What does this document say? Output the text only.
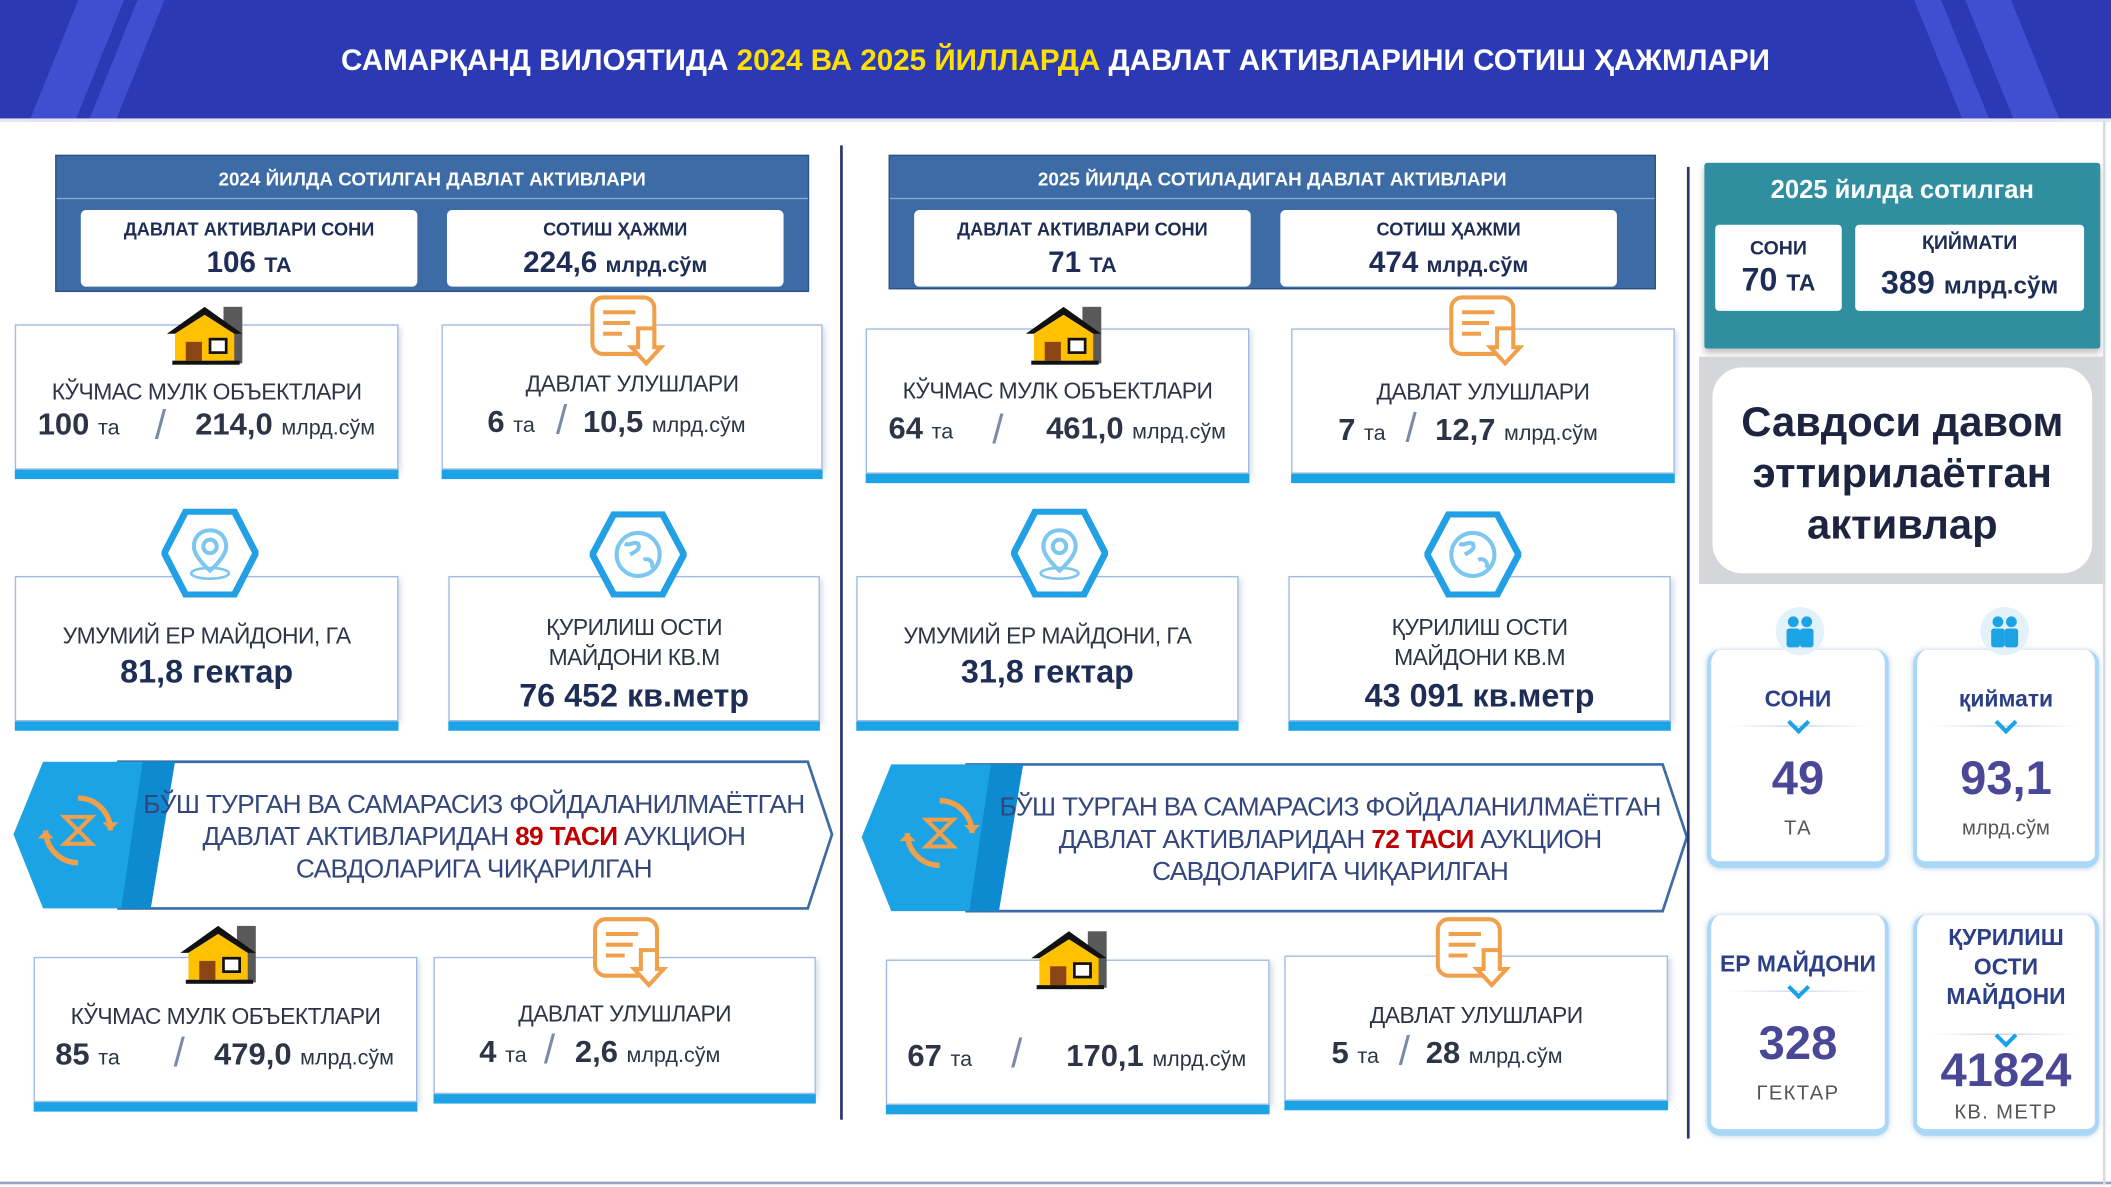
САМАРҚАНД ВИЛОЯТИДА 2024 ВА 2025 ЙИЛЛАРДА ДАВЛАТ АКТИВЛАРИНИ СОТИШ ҲАЖМЛАРИ
2024 ЙИЛДА СОТИЛГАН ДАВЛАТ АКТИВЛАРИ
ДАВЛАТ АКТИВЛАРИ СОНИ
106 ТА
СОТИШ ҲАЖМИ
224,6 млрд.сўм
КЎЧМАС МУЛК ОБЪЕКТЛАРИ
100 та / 214,0 млрд.сўм
ДАВЛАТ УЛУШЛАРИ
6 та / 10,5 млрд.сўм
УМУМИЙ ЕР МАЙДОНИ, ГА
81,8 гектар
ҚУРИЛИШ ОСТИ
МАЙДОНИ КВ.М
76 452 кв.метр
БЎШ ТУРГАН ВА САМАРАСИЗ ФОЙДАЛАНИЛМАЁТГАН
ДАВЛАТ АКТИВЛАРИДАН 89 ТАСИ АУКЦИОН
САВДОЛАРИГА ЧИҚАРИЛГАН
КЎЧМАС МУЛК ОБЪЕКТЛАРИ
85 та / 479,0 млрд.сўм
ДАВЛАТ УЛУШЛАРИ
4 та / 2,6 млрд.сўм
2025 ЙИЛДА СОТИЛАДИГАН ДАВЛАТ АКТИВЛАРИ
ДАВЛАТ АКТИВЛАРИ СОНИ
71 ТА
СОТИШ ҲАЖМИ
474 млрд.сўм
КЎЧМАС МУЛК ОБЪЕКТЛАРИ
64 та / 461,0 млрд.сўм
ДАВЛАТ УЛУШЛАРИ
7 та / 12,7 млрд.сўм
УМУМИЙ ЕР МАЙДОНИ, ГА
31,8 гектар
ҚУРИЛИШ ОСТИ
МАЙДОНИ КВ.М
43 091 кв.метр
БЎШ ТУРГАН ВА САМАРАСИЗ ФОЙДАЛАНИЛМАЁТГАН
ДАВЛАТ АКТИВЛАРИДАН 72 ТАСИ АУКЦИОН
САВДОЛАРИГА ЧИҚАРИЛГАН
67 та / 170,1 млрд.сўм
ДАВЛАТ УЛУШЛАРИ
5 та / 28 млрд.сўм
2025 йилда сотилган
СОНИ
70 ТА
ҚИЙМАТИ
389 млрд.сўм
Савдоси давом
эттирилаётган
активлар
СОНИ
49
ТА
қиймати
93,1
млрд.сўм
ЕР МАЙДОНИ
328
ГЕКТАР
ҚУРИЛИШ
ОСТИ
МАЙДОНИ
41824
КВ. МЕТР
